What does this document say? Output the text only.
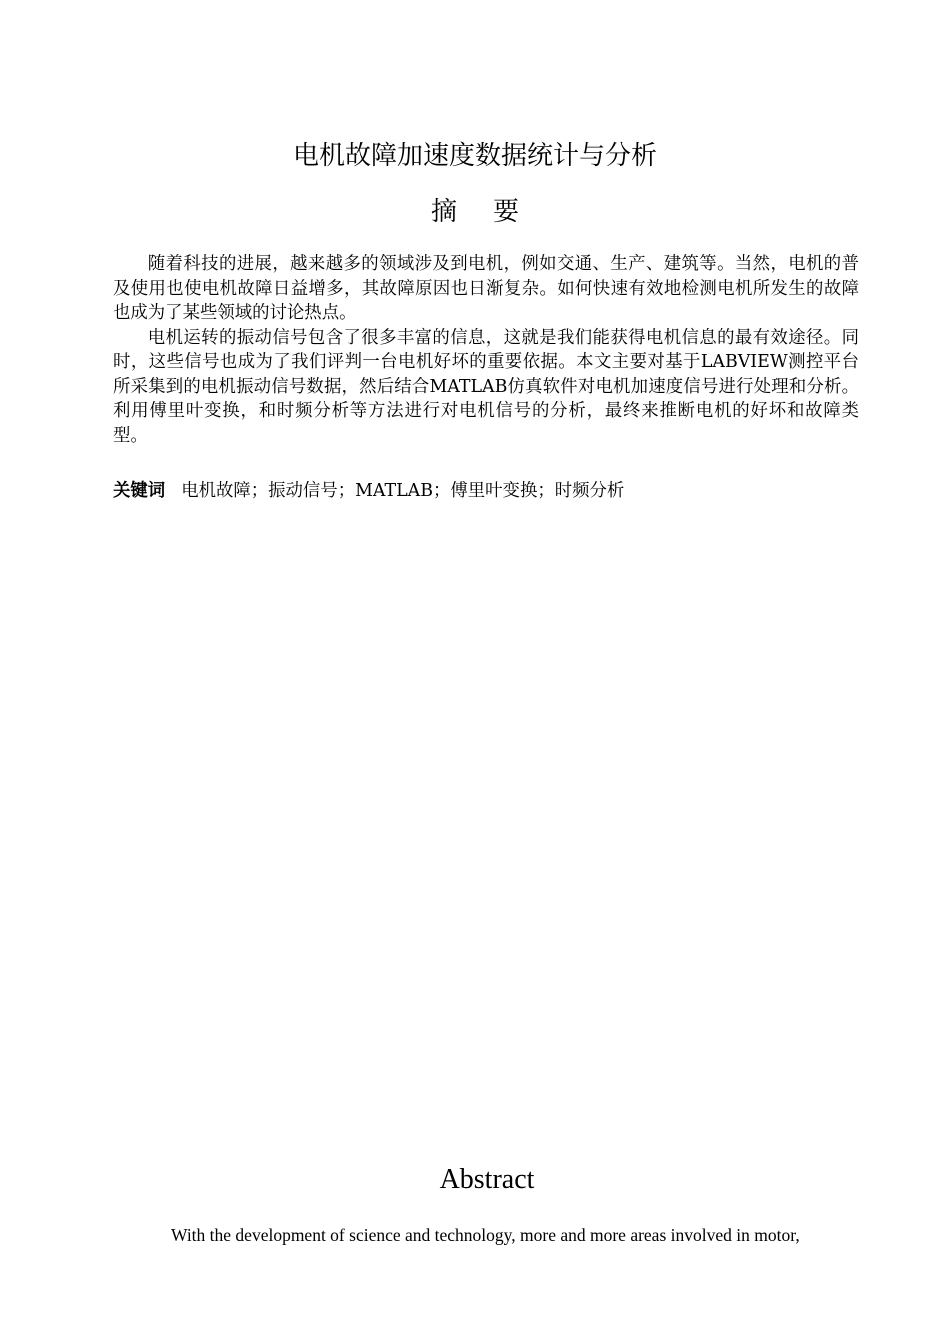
电机故障加速度数据统计与分析
摘要

随着科技的进展，越来越多的领域涉及到电机，例如交通、生产、建筑等。当然，电机的普及使用也使电机故障日益增多，其故障原因也日渐复杂。如何快速有效地检测电机所发生的故障也成为了某些领域的讨论热点。

电机运转的振动信号包含了很多丰富的信息，这就是我们能获得电机信息的最有效途径。同时，这些信号也成为了我们评判一台电机好坏的重要依据。本文主要对基于LABVIEW测控平台所采集到的电机振动信号数据，然后结合MATLAB仿真软件对电机加速度信号进行处理和分析。利用傅里叶变换，和时频分析等方法进行对电机信号的分析，最终来推断电机的好坏和故障类型。

关键词 电机故障；振动信号；MATLAB；傅里叶变换；时频分析

Abstract

With the development of science and technology, more and more areas involved in motor,
